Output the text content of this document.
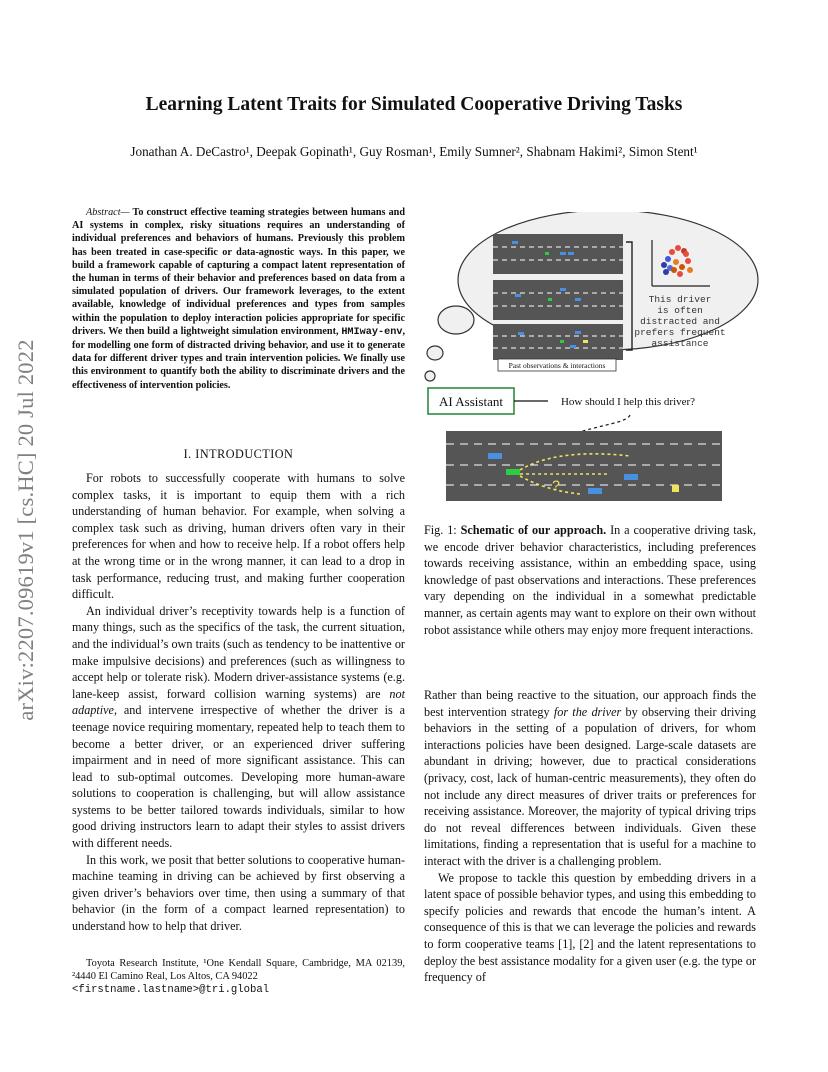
Learning Latent Traits for Simulated Cooperative Driving Tasks
Jonathan A. DeCastro¹, Deepak Gopinath¹, Guy Rosman¹, Emily Sumner², Shabnam Hakimi², Simon Stent¹
arXiv:2207.09619v1 [cs.HC] 20 Jul 2022
Abstract— To construct effective teaming strategies between humans and AI systems in complex, risky situations requires an understanding of individual preferences and behaviors of humans. Previously this problem has been treated in case-specific or data-agnostic ways. In this paper, we build a framework capable of capturing a compact latent representation of the human in terms of their behavior and preferences based on data from a simulated population of drivers. Our framework leverages, to the extent available, knowledge of individual preferences and types from samples within the population to deploy interaction policies appropriate for specific drivers. We then build a lightweight simulation environment, HMIway-env, for modelling one form of distracted driving behavior, and use it to generate data for different driver types and train intervention policies. We finally use this environment to quantify both the ability to discriminate drivers and the effectiveness of intervention policies.
I. INTRODUCTION

For robots to successfully cooperate with humans to solve complex tasks, it is important to equip them with a rich understanding of human behavior. For example, when solving a complex task such as driving, human drivers often vary in their preferences for when and how to receive help. If a robot offers help at the wrong time or in the wrong manner, it can lead to a drop in task performance, reducing trust, and making further cooperation difficult.

An individual driver’s receptivity towards help is a function of many things, such as the specifics of the task, the current situation, and the individual’s own traits (such as tendency to be inattentive or make impulsive decisions) and preferences (such as willingness to accept help or tolerate risk). Modern driver-assistance systems (e.g. lane-keep assist, forward collision warning systems) are not adaptive, and intervene irrespective of whether the driver is a teenage novice requiring momentary, repeated help to teach them to become a better driver, or an experienced driver suffering impairment and in need of more significant assistance. This can lead to sub-optimal outcomes. Developing more human-aware solutions to cooperation is challenging, but will allow assistance systems to be better tailored towards individuals, similar to how good driving instructors learn to adapt their styles to assist drivers with different needs.

In this work, we posit that better solutions to cooperative human-machine teaming in driving can be achieved by first observing a given driver’s behaviors over time, then using a summary of that behavior (in the form of a compact learned representation) to understand how to help that driver.

Toyota Research Institute, ¹One Kendall Square, Cambridge, MA 02139, ²4440 El Camino Real, Los Altos, CA 94022
<firstname.lastname>@tri.global
This driver
is often
distracted and
prefers frequent
assistance
Past observations & interactions
AI Assistant	How should I help this driver?
?
Fig. 1: Schematic of our approach. In a cooperative driving task, we encode driver behavior characteristics, including preferences towards receiving assistance, within an embedding space, using knowledge of past observations and interactions. These preferences vary depending on the individual in a somewhat predictable manner, as certain agents may want to explore on their own without robot assistance while others may enjoy more frequent interactions.

Rather than being reactive to the situation, our approach finds the best intervention strategy for the driver by observing their driving behaviors in the setting of a population of drivers, for whom interactions policies have been designed. Large-scale datasets are abundant in driving; however, due to practical considerations (privacy, cost, lack of human-centric measurements), they often do not include any direct measures of driver traits or preferences for receiving assistance. Moreover, the majority of typical driving trips do not reveal differences between individuals. Given these limitations, finding a representation that is useful for a machine to interact with the driver is a challenging problem.

We propose to tackle this question by embedding drivers in a latent space of possible behavior types, and using this embedding to specify policies and rewards that encode the human’s intent. A consequence of this is that we can leverage the policies and rewards to form cooperative teams [1], [2] and the latent representations to deploy the best assistance modality for a given user (e.g. the type or frequency of
